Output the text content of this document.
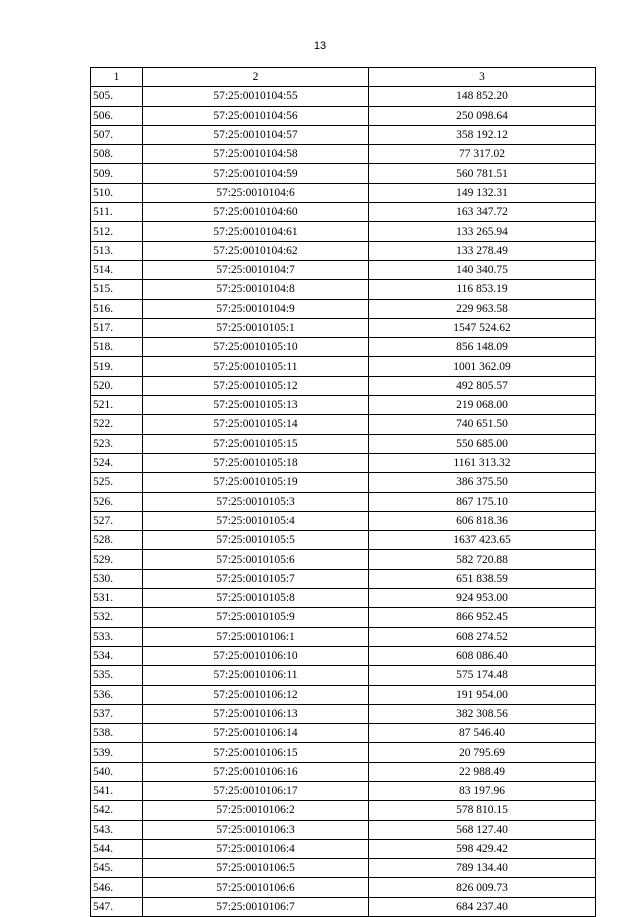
13
1	2	3
505.	57:25:0010104:55	148 852.20
506.	57:25:0010104:56	250 098.64
507.	57:25:0010104:57	358 192.12
508.	57:25:0010104:58	77 317.02
509.	57:25:0010104:59	560 781.51
510.	57:25:0010104:6	149 132.31
511.	57:25:0010104:60	163 347.72
512.	57:25:0010104:61	133 265.94
513.	57:25:0010104:62	133 278.49
514.	57:25:0010104:7	140 340.75
515.	57:25:0010104:8	116 853.19
516.	57:25:0010104:9	229 963.58
517.	57:25:0010105:1	1547 524.62
518.	57:25:0010105:10	856 148.09
519.	57:25:0010105:11	1001 362.09
520.	57:25:0010105:12	492 805.57
521.	57:25:0010105:13	219 068.00
522.	57:25:0010105:14	740 651.50
523.	57:25:0010105:15	550 685.00
524.	57:25:0010105:18	1161 313.32
525.	57:25:0010105:19	386 375.50
526.	57:25:0010105:3	867 175.10
527.	57:25:0010105:4	606 818.36
528.	57:25:0010105:5	1637 423.65
529.	57:25:0010105:6	582 720.88
530.	57:25:0010105:7	651 838.59
531.	57:25:0010105:8	924 953.00
532.	57:25:0010105:9	866 952.45
533.	57:25:0010106:1	608 274.52
534.	57:25:0010106:10	608 086.40
535.	57:25:0010106:11	575 174.48
536.	57:25:0010106:12	191 954.00
537.	57:25:0010106:13	382 308.56
538.	57:25:0010106:14	87 546.40
539.	57:25:0010106:15	20 795.69
540.	57:25:0010106:16	22 988.49
541.	57:25:0010106:17	83 197.96
542.	57:25:0010106:2	578 810.15
543.	57:25:0010106:3	568 127.40
544.	57:25:0010106:4	598 429.42
545.	57:25:0010106:5	789 134.40
546.	57:25:0010106:6	826 009.73
547.	57:25:0010106:7	684 237.40
